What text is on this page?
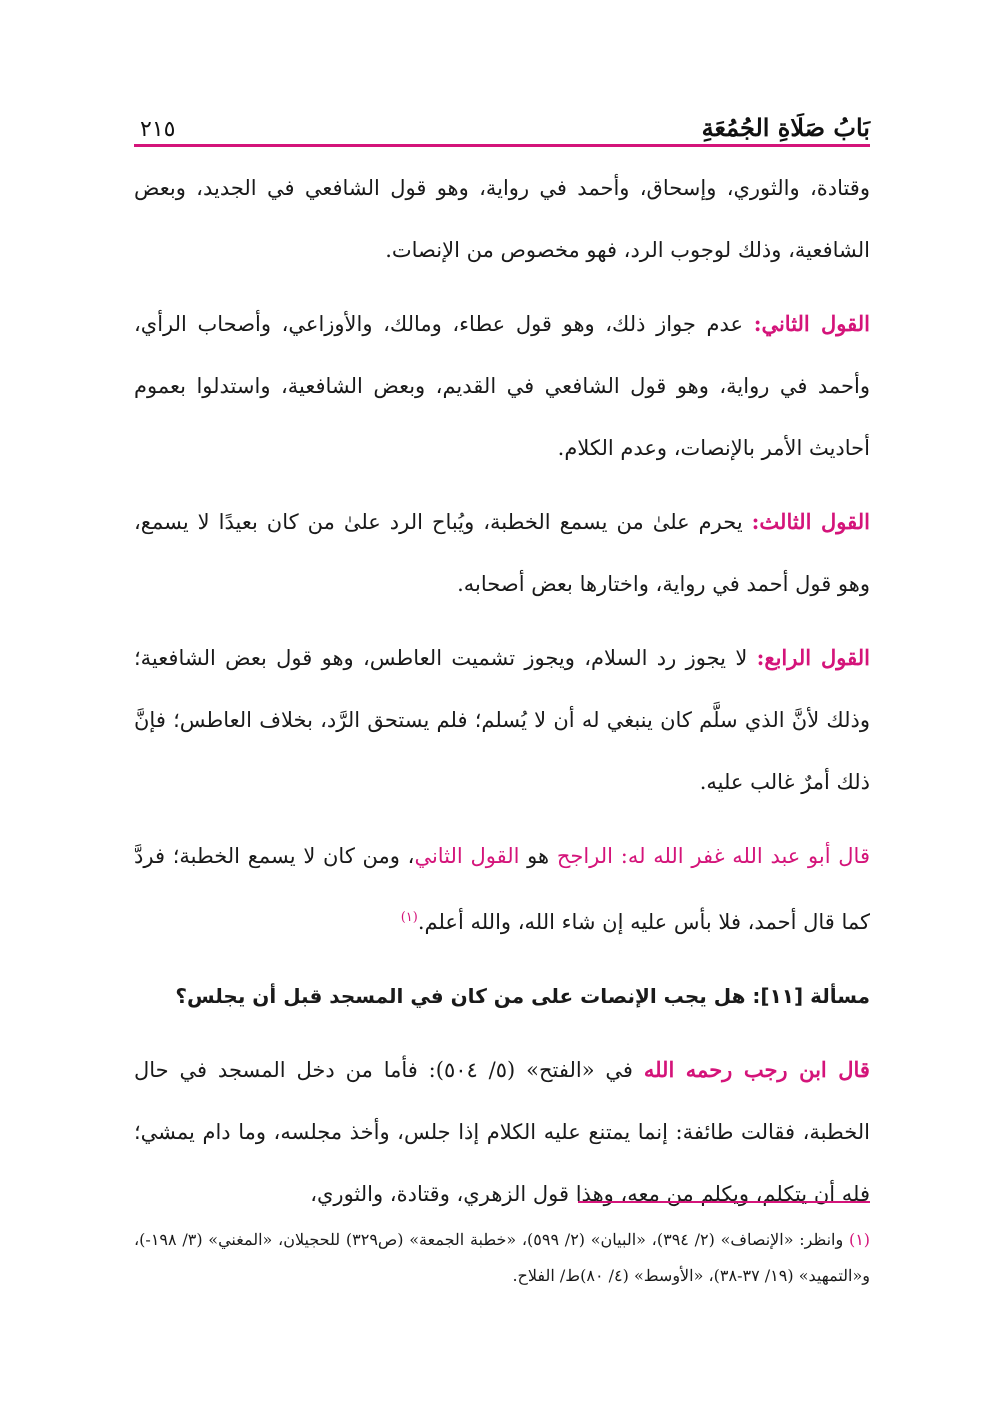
بَابُ صَلَاةِ الجُمُعَةِ
٢١٥

وقتادة، والثوري، وإسحاق، وأحمد في رواية، وهو قول الشافعي في الجديد، وبعض الشافعية، وذلك لوجوب الرد، فهو مخصوص من الإنصات.

القول الثاني: عدم جواز ذلك، وهو قول عطاء، ومالك، والأوزاعي، وأصحاب الرأي، وأحمد في رواية، وهو قول الشافعي في القديم، وبعض الشافعية، واستدلوا بعموم أحاديث الأمر بالإنصات، وعدم الكلام.

القول الثالث: يحرم علىٰ من يسمع الخطبة، ويُباح الرد علىٰ من كان بعيدًا لا يسمع، وهو قول أحمد في رواية، واختارها بعض أصحابه.

القول الرابع: لا يجوز رد السلام، ويجوز تشميت العاطس، وهو قول بعض الشافعية؛ وذلك لأنَّ الذي سلَّم كان ينبغي له أن لا يُسلم؛ فلم يستحق الرَّد، بخلاف العاطس؛ فإنَّ ذلك أمرٌ غالب عليه.

قال أبو عبد الله غفر الله له: الراجح هو القول الثاني، ومن كان لا يسمع الخطبة؛ فردَّ كما قال أحمد، فلا بأس عليه إن شاء الله، والله أعلم.$^{(١)}$

مسألة [١١]: هل يجب الإنصات على من كان في المسجد قبل أن يجلس؟

قال ابن رجب رحمه الله في «الفتح» (٥/ ٥٠٤): فأما من دخل المسجد في حال الخطبة، فقالت طائفة: إنما يمتنع عليه الكلام إذا جلس، وأخذ مجلسه، وما دام يمشي؛ فله أن يتكلم، ويكلم من معه، وهذا قول الزهري، وقتادة، والثوري،

(١) وانظر: «الإنصاف» (٢/ ٣٩٤)، «البيان» (٢/ ٥٩٩)، «خطبة الجمعة» (ص٣٢٩) للحجيلان، «المغني» (٣/ ١٩٨-)، و«التمهيد» (١٩/ ٣٧-٣٨)، «الأوسط» (٤/ ٨٠)ط/ الفلاح.
